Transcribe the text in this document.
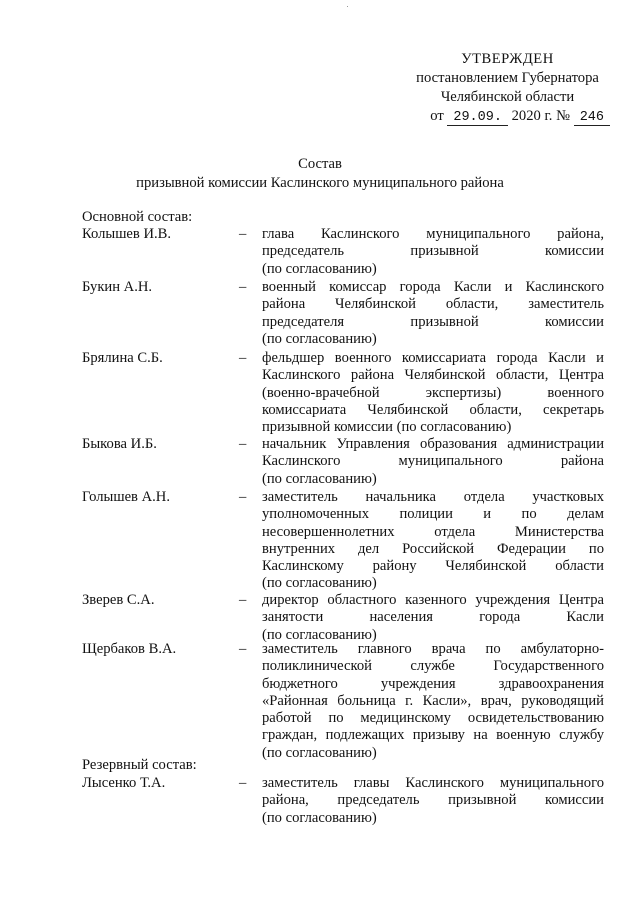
УТВЕРЖДЕН
постановлением Губернатора
Челябинской области
от 29.09. 2020 г. № 246
Состав
призывной комиссии Каслинского муниципального района
Основной состав:
Колышев И.В.	– глава Каслинского муниципального района,
председатель призывной комиссии
(по согласованию)
Букин А.Н.	– военный комиссар города Касли и Каслинского
района Челябинской области, заместитель
председателя призывной комиссии
(по согласованию)
Брялина С.Б.	– фельдшер военного комиссариата города Касли и
Каслинского района Челябинской области, Центра
(военно-врачебной экспертизы) военного
комиссариата Челябинской области, секретарь
призывной комиссии (по согласованию)
Быкова И.Б.	– начальник Управления образования администрации
Каслинского муниципального района
(по согласованию)
Голышев А.Н.	– заместитель начальника отдела участковых
уполномоченных полиции и по делам
несовершеннолетних отдела Министерства
внутренних дел Российской Федерации по
Каслинскому району Челябинской области
(по согласованию)
Зверев С.А.	– директор областного казенного учреждения Центра
занятости населения города Касли
(по согласованию)
Щербаков В.А.	– заместитель главного врача по амбулаторно-
поликлинической службе Государственного
бюджетного учреждения здравоохранения
«Районная больница г. Касли», врач, руководящий
работой по медицинскому освидетельствованию
граждан, подлежащих призыву на военную службу
(по согласованию)
Резервный состав:
Лысенко Т.А.	– заместитель главы Каслинского муниципального
района, председатель призывной комиссии
(по согласованию)
